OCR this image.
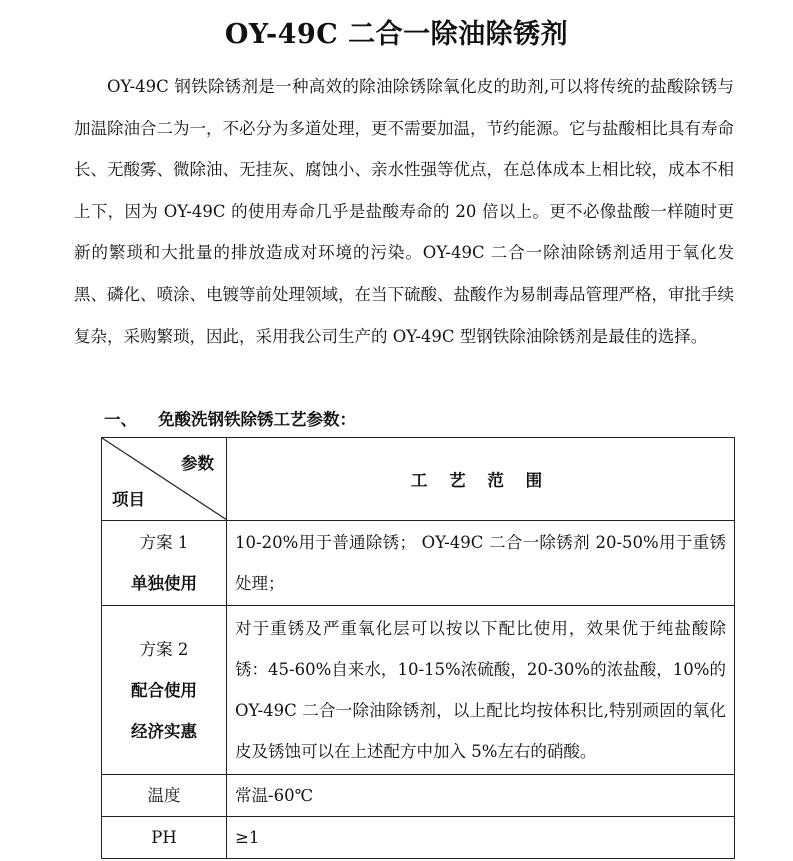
OY-49C 二合一除油除锈剂

OY-49C 钢铁除锈剂是一种高效的除油除锈除氧化皮的助剂,可以将传统的盐酸除锈与加温除油合二为一，不必分为多道处理，更不需要加温，节约能源。它与盐酸相比具有寿命长、无酸雾、微除油、无挂灰、腐蚀小、亲水性强等优点，在总体成本上相比较，成本不相上下，因为 OY-49C 的使用寿命几乎是盐酸寿命的 20 倍以上。更不必像盐酸一样随时更新的繁琐和大批量的排放造成对环境的污染。OY-49C 二合一除油除锈剂适用于氧化发黑、磷化、喷涂、电镀等前处理领域，在当下硫酸、盐酸作为易制毒品管理严格，审批手续复杂，采购繁琐，因此，采用我公司生产的 OY-49C 型钢铁除油除锈剂是最佳的选择。

一、 免酸洗钢铁除锈工艺参数：
参数
项目	工 艺 范 围

方案 1
单独使用	10-20%用于普通除锈； OY-49C 二合一除锈剂 20-50%用于重锈处理；

方案 2
配合使用
经济实惠	对于重锈及严重氧化层可以按以下配比使用，效果优于纯盐酸除锈：45-60%自来水，10-15%浓硫酸，20-30%的浓盐酸，10%的 OY-49C 二合一除油除锈剂，以上配比均按体积比,特别顽固的氧化皮及锈蚀可以在上述配方中加入 5%左右的硝酸。
温度	常温-60℃
PH	≥1
